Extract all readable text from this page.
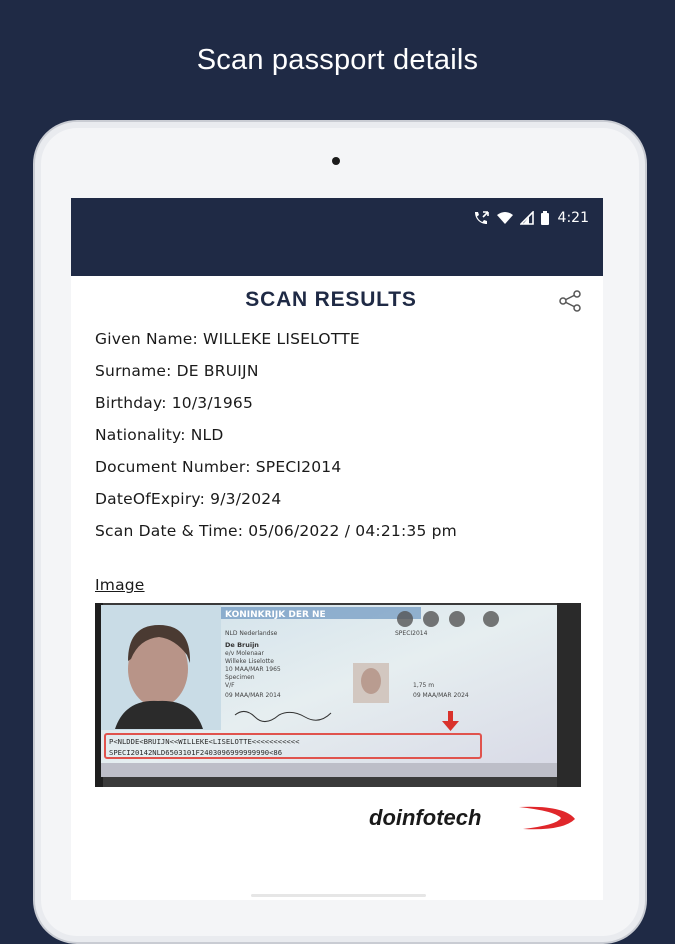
Scan passport details
4:21
SCAN RESULTS
Given Name: WILLEKE LISELOTTE
Surname: DE BRUIJN
Birthday: 10/3/1965
Nationality: NLD
Document Number: SPECI2014
DateOfExpiry: 9/3/2024
Scan Date & Time: 05/06/2022 / 04:21:35 pm
Image
KONINKRIJK DER NE
NLD Nederlandse	SPECI2014
De Bruijn
e/v Molenaar
Willeke Liselotte
10 MAA/MAR 1965
Specimen
V/F
09 MAA/MAR 2014
1,75 m
09 MAA/MAR 2024
P<NLDDE<BRUIJN<<WILLEKE<LISELOTTE<<<<<<<<<<<
SPECI20142NLD6503101F2403096999999990<86
doinfotech
